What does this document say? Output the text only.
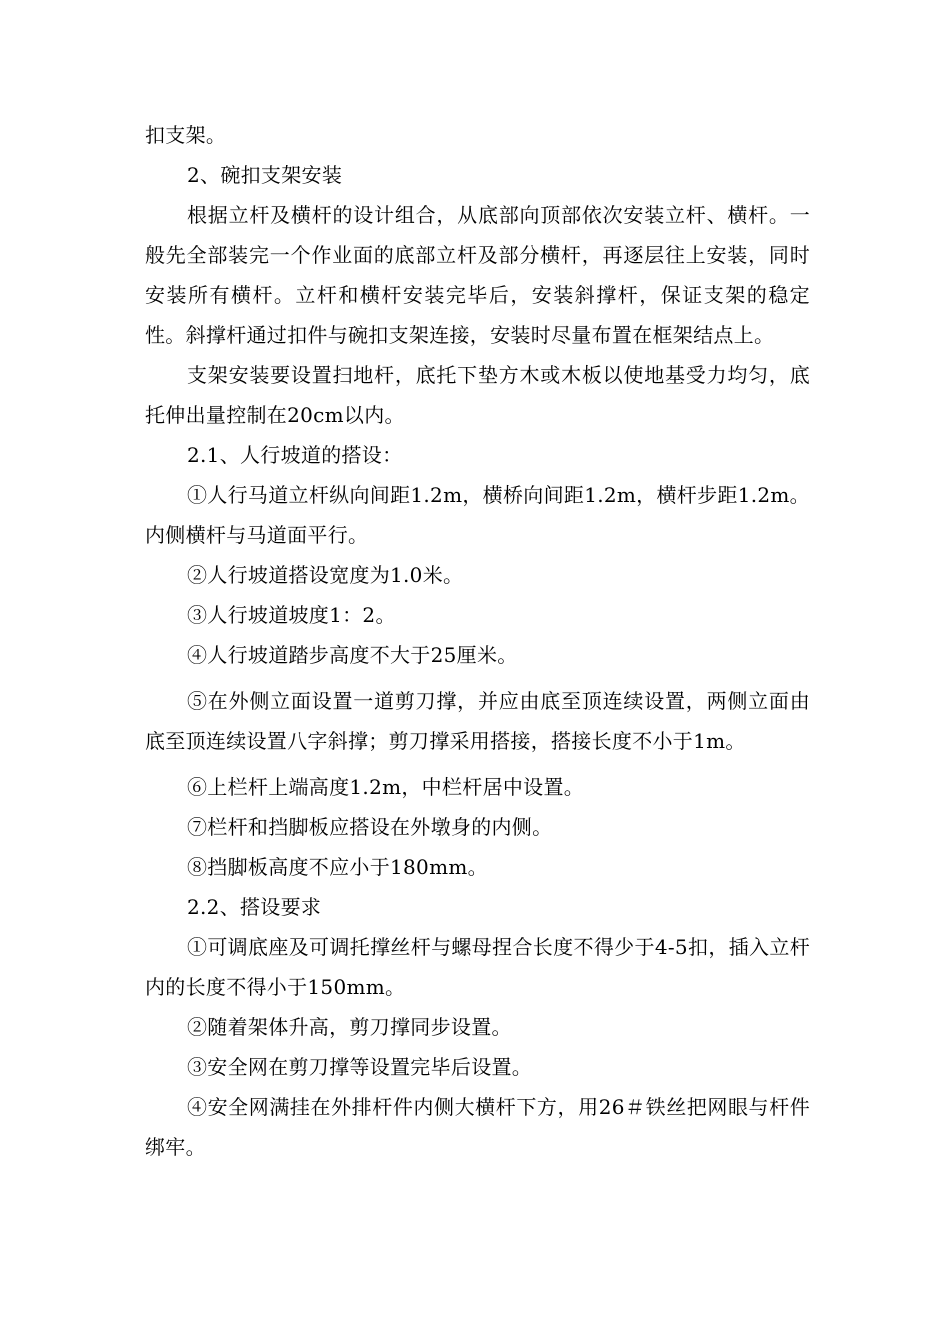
扣支架。

2、碗扣支架安装

根据立杆及横杆的设计组合，从底部向顶部依次安装立杆、横杆。一般先全部装完一个作业面的底部立杆及部分横杆，再逐层往上安装，同时安装所有横杆。立杆和横杆安装完毕后，安装斜撑杆，保证支架的稳定性。斜撑杆通过扣件与碗扣支架连接，安装时尽量布置在框架结点上。

支架安装要设置扫地杆，底托下垫方木或木板以使地基受力均匀，底托伸出量控制在20cm以内。

2.1、人行坡道的搭设：

①人行马道立杆纵向间距1.2m，横桥向间距1.2m，横杆步距1.2m。内侧横杆与马道面平行。

②人行坡道搭设宽度为1.0米。

③人行坡道坡度1：2。

④人行坡道踏步高度不大于25厘米。

⑤在外侧立面设置一道剪刀撑，并应由底至顶连续设置，两侧立面由底至顶连续设置八字斜撑；剪刀撑采用搭接，搭接长度不小于1m。

⑥上栏杆上端高度1.2m，中栏杆居中设置。

⑦栏杆和挡脚板应搭设在外墩身的内侧。

⑧挡脚板高度不应小于180mm。

2.2、搭设要求

①可调底座及可调托撑丝杆与螺母捏合长度不得少于4-5扣，插入立杆内的长度不得小于150mm。

②随着架体升高，剪刀撑同步设置。

③安全网在剪刀撑等设置完毕后设置。

④安全网满挂在外排杆件内侧大横杆下方，用26＃铁丝把网眼与杆件绑牢。
